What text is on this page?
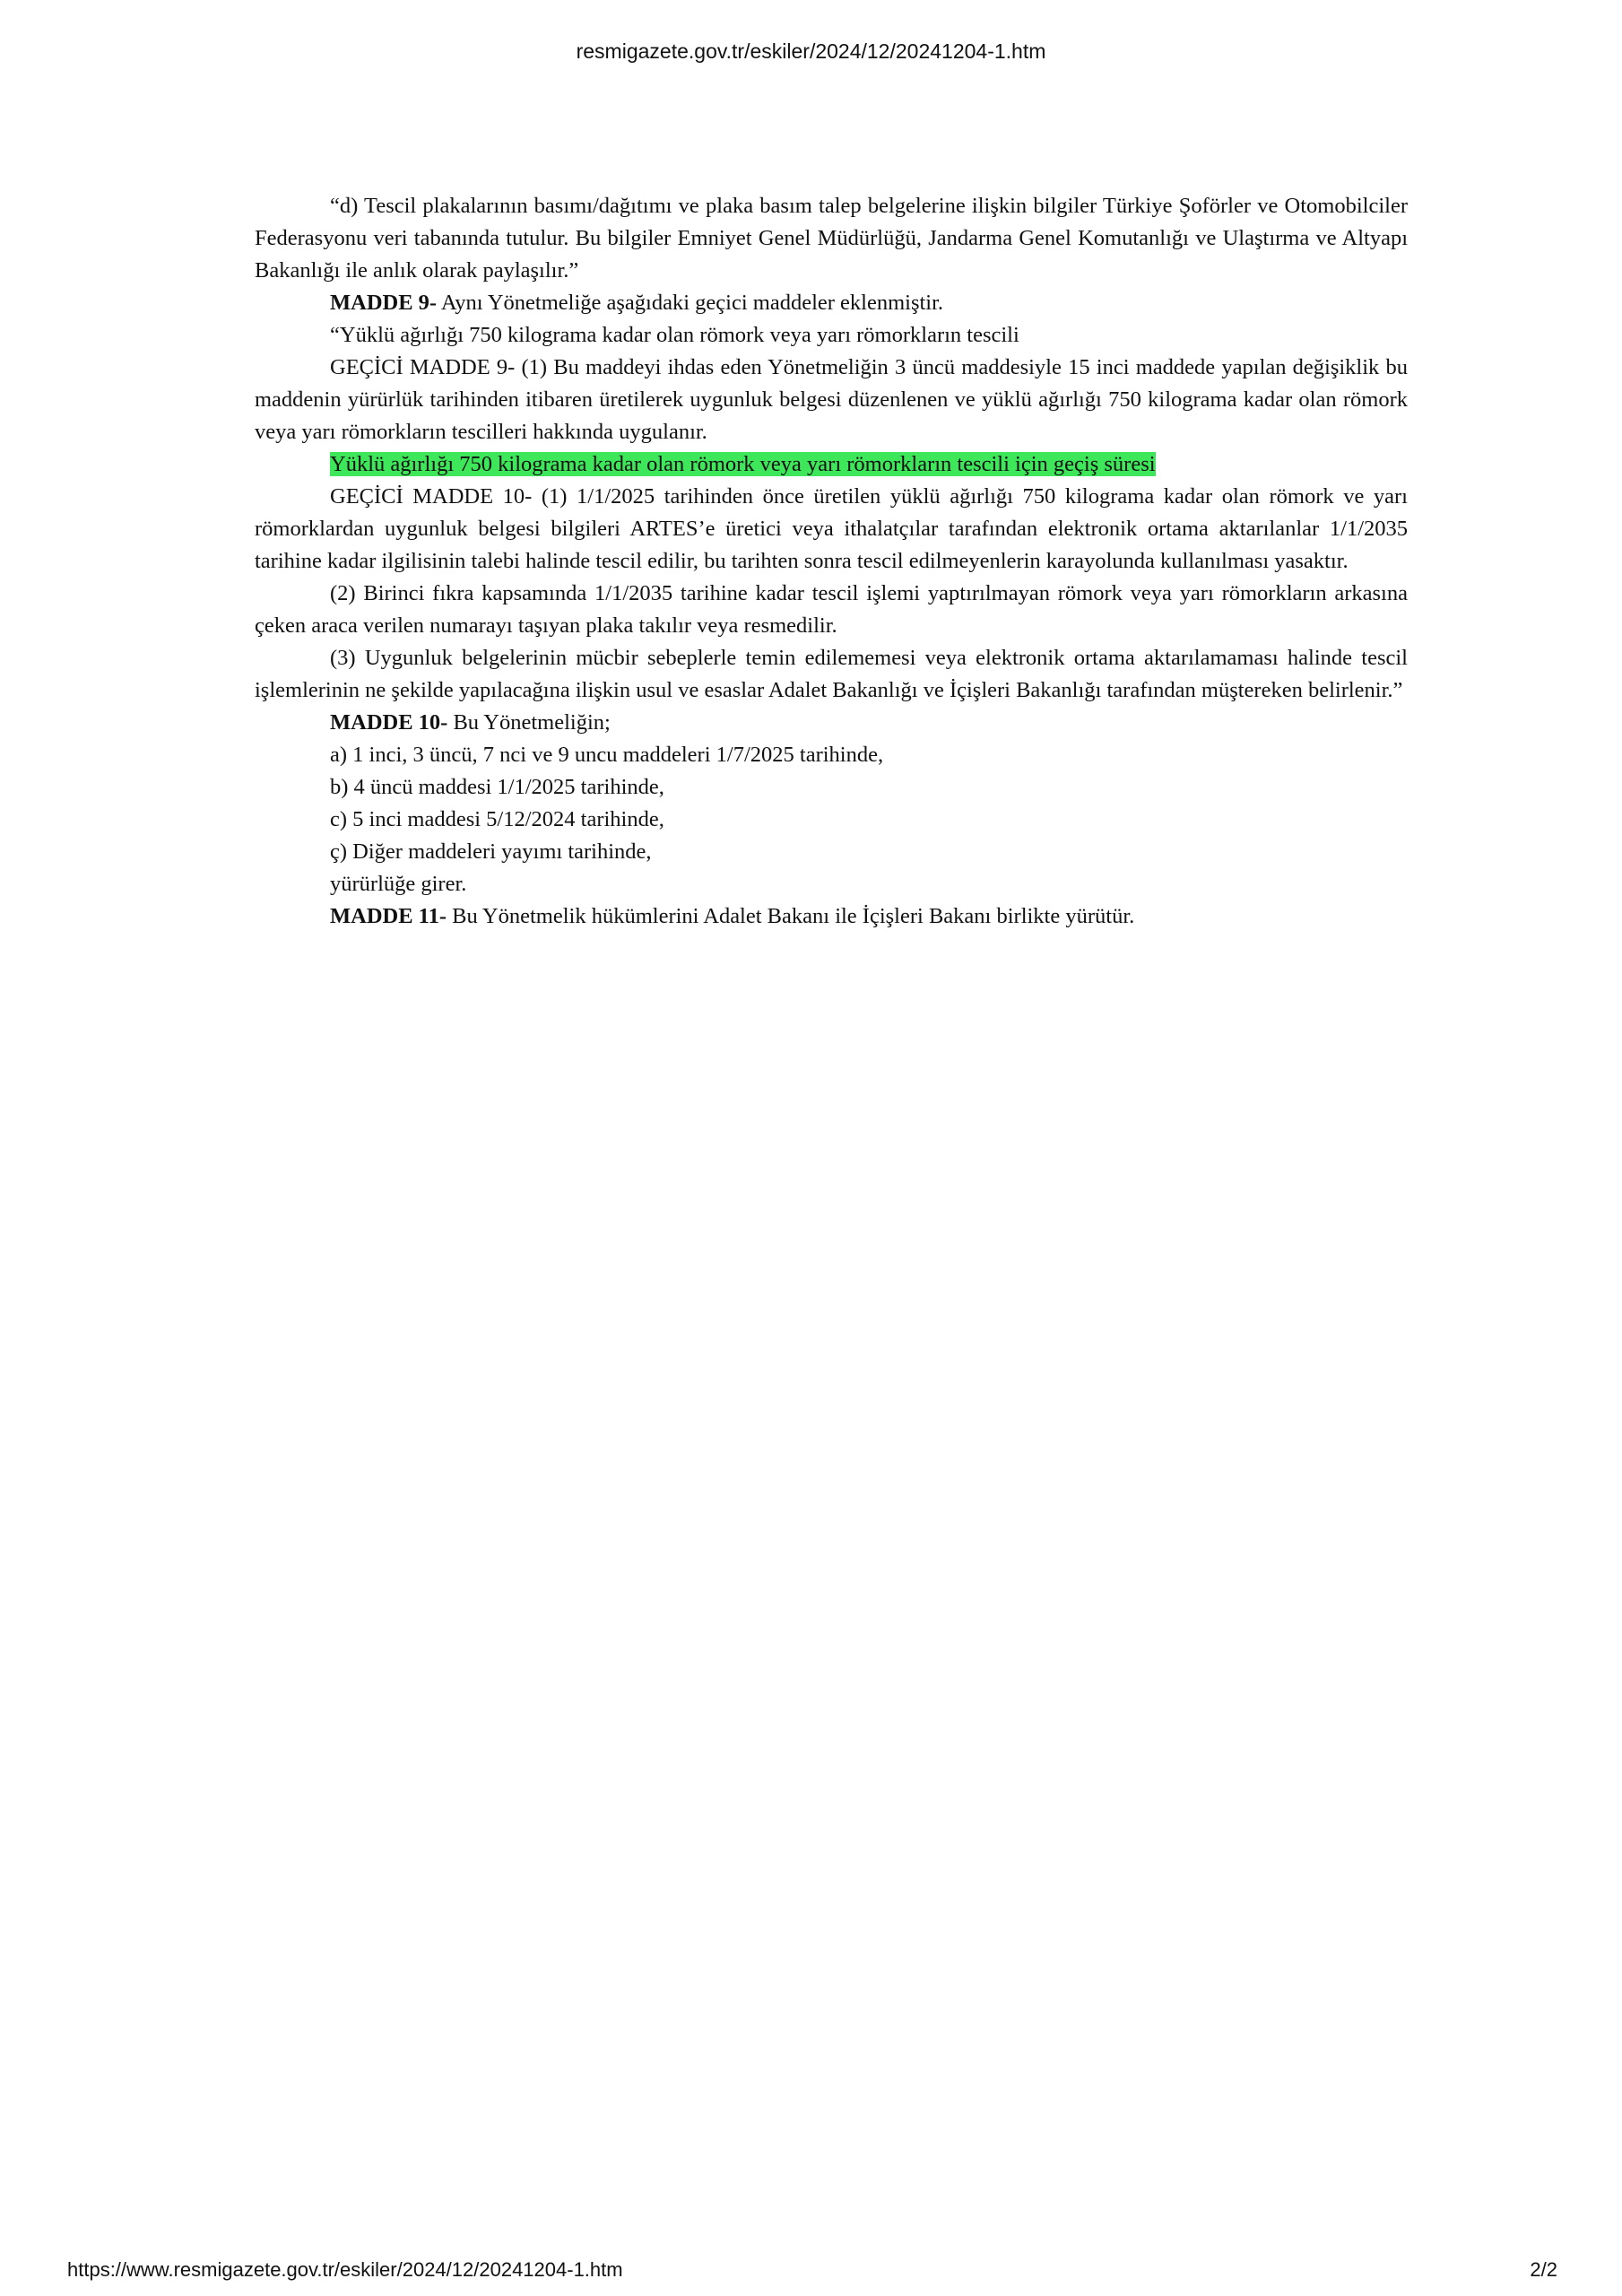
resmigazete.gov.tr/eskiler/2024/12/20241204-1.htm

“d) Tescil plakalarının basımı/dağıtımı ve plaka basım talep belgelerine ilişkin bilgiler Türkiye Şoförler ve Otomobilciler Federasyonu veri tabanında tutulur. Bu bilgiler Emniyet Genel Müdürlüğü, Jandarma Genel Komutanlığı ve Ulaştırma ve Altyapı Bakanlığı ile anlık olarak paylaşılır.”

MADDE 9- Aynı Yönetmeliğe aşağıdaki geçici maddeler eklenmiştir.

“Yüklü ağırlığı 750 kilograma kadar olan römork veya yarı römorkların tescili

GEÇİCİ MADDE 9- (1) Bu maddeyi ihdas eden Yönetmeliğin 3 üncü maddesiyle 15 inci maddede yapılan değişiklik bu maddenin yürürlük tarihinden itibaren üretilerek uygunluk belgesi düzenlenen ve yüklü ağırlığı 750 kilograma kadar olan römork veya yarı römorkların tescilleri hakkında uygulanır.

Yüklü ağırlığı 750 kilograma kadar olan römork veya yarı römorkların tescili için geçiş süresi

GEÇİCİ MADDE 10- (1) 1/1/2025 tarihinden önce üretilen yüklü ağırlığı 750 kilograma kadar olan römork ve yarı römorklardan uygunluk belgesi bilgileri ARTES’e üretici veya ithalatçılar tarafından elektronik ortama aktarılanlar 1/1/2035 tarihine kadar ilgilisinin talebi halinde tescil edilir, bu tarihten sonra tescil edilmeyenlerin karayolunda kullanılması yasaktır.

(2) Birinci fıkra kapsamında 1/1/2035 tarihine kadar tescil işlemi yaptırılmayan römork veya yarı römorkların arkasına çeken araca verilen numarayı taşıyan plaka takılır veya resmedilir.

(3) Uygunluk belgelerinin mücbir sebeplerle temin edilememesi veya elektronik ortama aktarılamaması halinde tescil işlemlerinin ne şekilde yapılacağına ilişkin usul ve esaslar Adalet Bakanlığı ve İçişleri Bakanlığı tarafından müştereken belirlenir.”

MADDE 10- Bu Yönetmeliğin;

a) 1 inci, 3 üncü, 7 nci ve 9 uncu maddeleri 1/7/2025 tarihinde,

b) 4 üncü maddesi 1/1/2025 tarihinde,

c) 5 inci maddesi 5/12/2024 tarihinde,

ç) Diğer maddeleri yayımı tarihinde,

yürürlüğe girer.

MADDE 11- Bu Yönetmelik hükümlerini Adalet Bakanı ile İçişleri Bakanı birlikte yürütür.

https://www.resmigazete.gov.tr/eskiler/2024/12/20241204-1.htm	2/2
